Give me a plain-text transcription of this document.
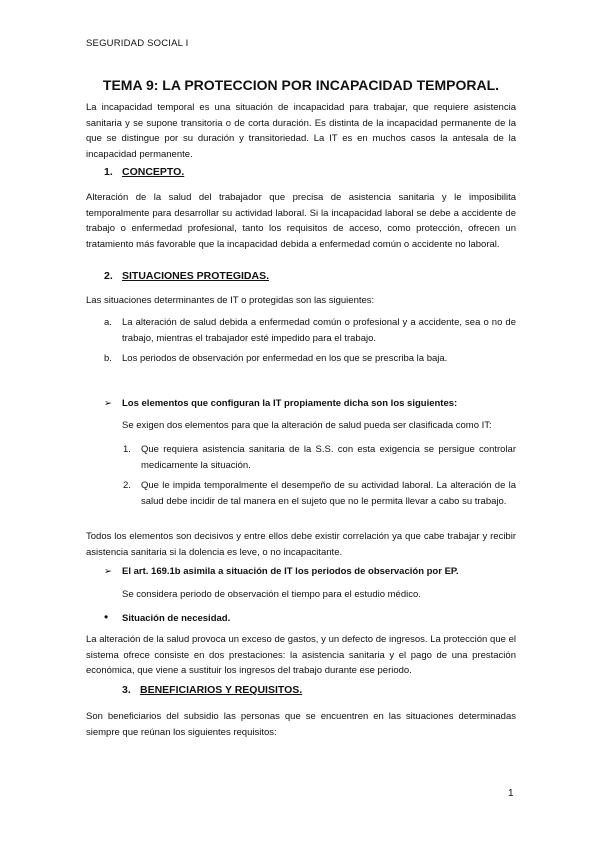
SEGURIDAD SOCIAL I
TEMA 9: LA PROTECCION POR INCAPACIDAD TEMPORAL.

La incapacidad temporal es una situación de incapacidad para trabajar, que requiere asistencia sanitaria y se supone transitoria o de corta duración. Es distinta de la incapacidad permanente de la que se distingue por su duración y transitoriedad. La IT es en muchos casos la antesala de la incapacidad permanente.

1. CONCEPTO.

Alteración de la salud del trabajador que precisa de asistencia sanitaria y le imposibilita temporalmente para desarrollar su actividad laboral. Si la incapacidad laboral se debe a accidente de trabajo o enfermedad profesional, tanto los requisitos de acceso, como protección, ofrecen un tratamiento más favorable que la incapacidad debida a enfermedad común o accidente no laboral.

2. SITUACIONES PROTEGIDAS.

Las situaciones determinantes de IT o protegidas son las siguientes:

a. La alteración de salud debida a enfermedad común o profesional y a accidente, sea o no de trabajo, mientras el trabajador esté impedido para el trabajo.
b. Los periodos de observación por enfermedad en los que se prescriba la baja.
➢ Los elementos que configuran la IT propiamente dicha son los siguientes:

Se exigen dos elementos para que la alteración de salud pueda ser clasificada como IT:

1. Que requiera asistencia sanitaria de la S.S. con esta exigencia se persigue controlar medicamente la situación.
2. Que le impida temporalmente el desempeño de su actividad laboral. La alteración de la salud debe incidir de tal manera en el sujeto que no le permita llevar a cabo su trabajo.

Todos los elementos son decisivos y entre ellos debe existir correlación ya que cabe trabajar y recibir asistencia sanitaria si la dolencia es leve, o no incapacitante.

➢ El art. 169.1b asimila a situación de IT los periodos de observación por EP.

Se considera periodo de observación el tiempo para el estudio médico.

• Situación de necesidad.

La alteración de la salud provoca un exceso de gastos, y un defecto de ingresos. La protección que el sistema ofrece consiste en dos prestaciones: la asistencia sanitaria y el pago de una prestación económica, que viene a sustituir los ingresos del trabajo durante ese periodo.

3. BENEFICIARIOS Y REQUISITOS.

Son beneficiarios del subsidio las personas que se encuentren en las situaciones determinadas siempre que reúnan los siguientes requisitos:

1
